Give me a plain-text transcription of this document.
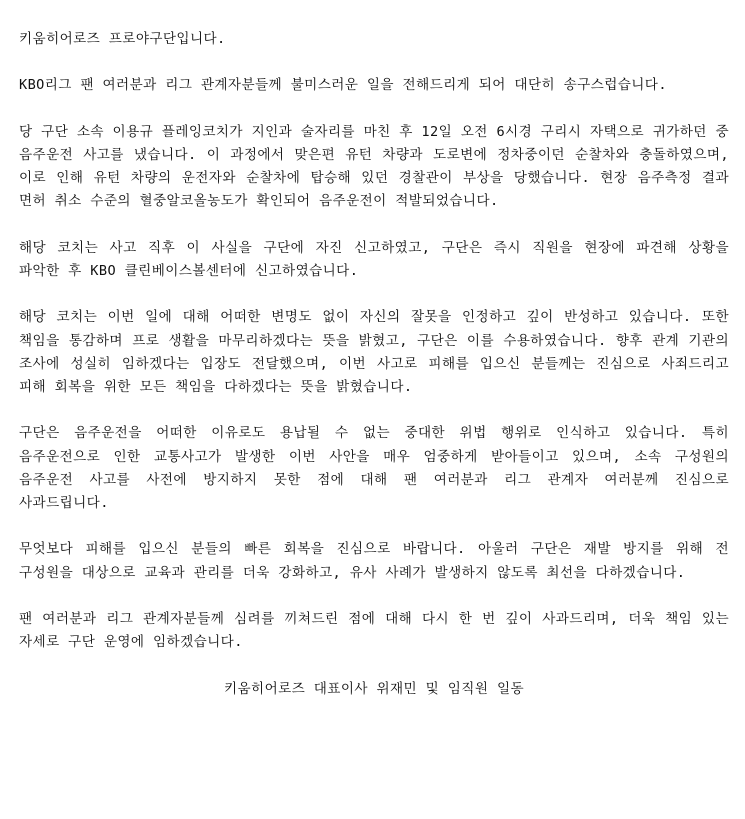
키움히어로즈 프로야구단입니다.

KBO리그 팬 여러분과 리그 관계자분들께 불미스러운 일을 전해드리게 되어 대단히 송구스럽습니다.

당 구단 소속 이용규 플레잉코치가 지인과 술자리를 마친 후 12일 오전 6시경 구리시 자택으로 귀가하던 중 음주운전 사고를 냈습니다. 이 과정에서 맞은편 유턴 차량과 도로변에 정차중이던 순찰차와 충돌하였으며, 이로 인해 유턴 차량의 운전자와 순찰차에 탑승해 있던 경찰관이 부상을 당했습니다. 현장 음주측정 결과 면허 취소 수준의 혈중알코올농도가 확인되어 음주운전이 적발되었습니다.

해당 코치는 사고 직후 이 사실을 구단에 자진 신고하였고, 구단은 즉시 직원을 현장에 파견해 상황을 파악한 후 KBO 클린베이스볼센터에 신고하였습니다.

해당 코치는 이번 일에 대해 어떠한 변명도 없이 자신의 잘못을 인정하고 깊이 반성하고 있습니다. 또한 책임을 통감하며 프로 생활을 마무리하겠다는 뜻을 밝혔고, 구단은 이를 수용하였습니다. 향후 관계 기관의 조사에 성실히 임하겠다는 입장도 전달했으며, 이번 사고로 피해를 입으신 분들께는 진심으로 사죄드리고 피해 회복을 위한 모든 책임을 다하겠다는 뜻을 밝혔습니다.

구단은 음주운전을 어떠한 이유로도 용납될 수 없는 중대한 위법 행위로 인식하고 있습니다. 특히 음주운전으로 인한 교통사고가 발생한 이번 사안을 매우 엄중하게 받아들이고 있으며, 소속 구성원의 음주운전 사고를 사전에 방지하지 못한 점에 대해 팬 여러분과 리그 관계자 여러분께 진심으로 사과드립니다.

무엇보다 피해를 입으신 분들의 빠른 회복을 진심으로 바랍니다. 아울러 구단은 재발 방지를 위해 전 구성원을 대상으로 교육과 관리를 더욱 강화하고, 유사 사례가 발생하지 않도록 최선을 다하겠습니다.

팬 여러분과 리그 관계자분들께 심려를 끼쳐드린 점에 대해 다시 한 번 깊이 사과드리며, 더욱 책임 있는 자세로 구단 운영에 임하겠습니다.

키움히어로즈 대표이사 위재민 및 임직원 일동
